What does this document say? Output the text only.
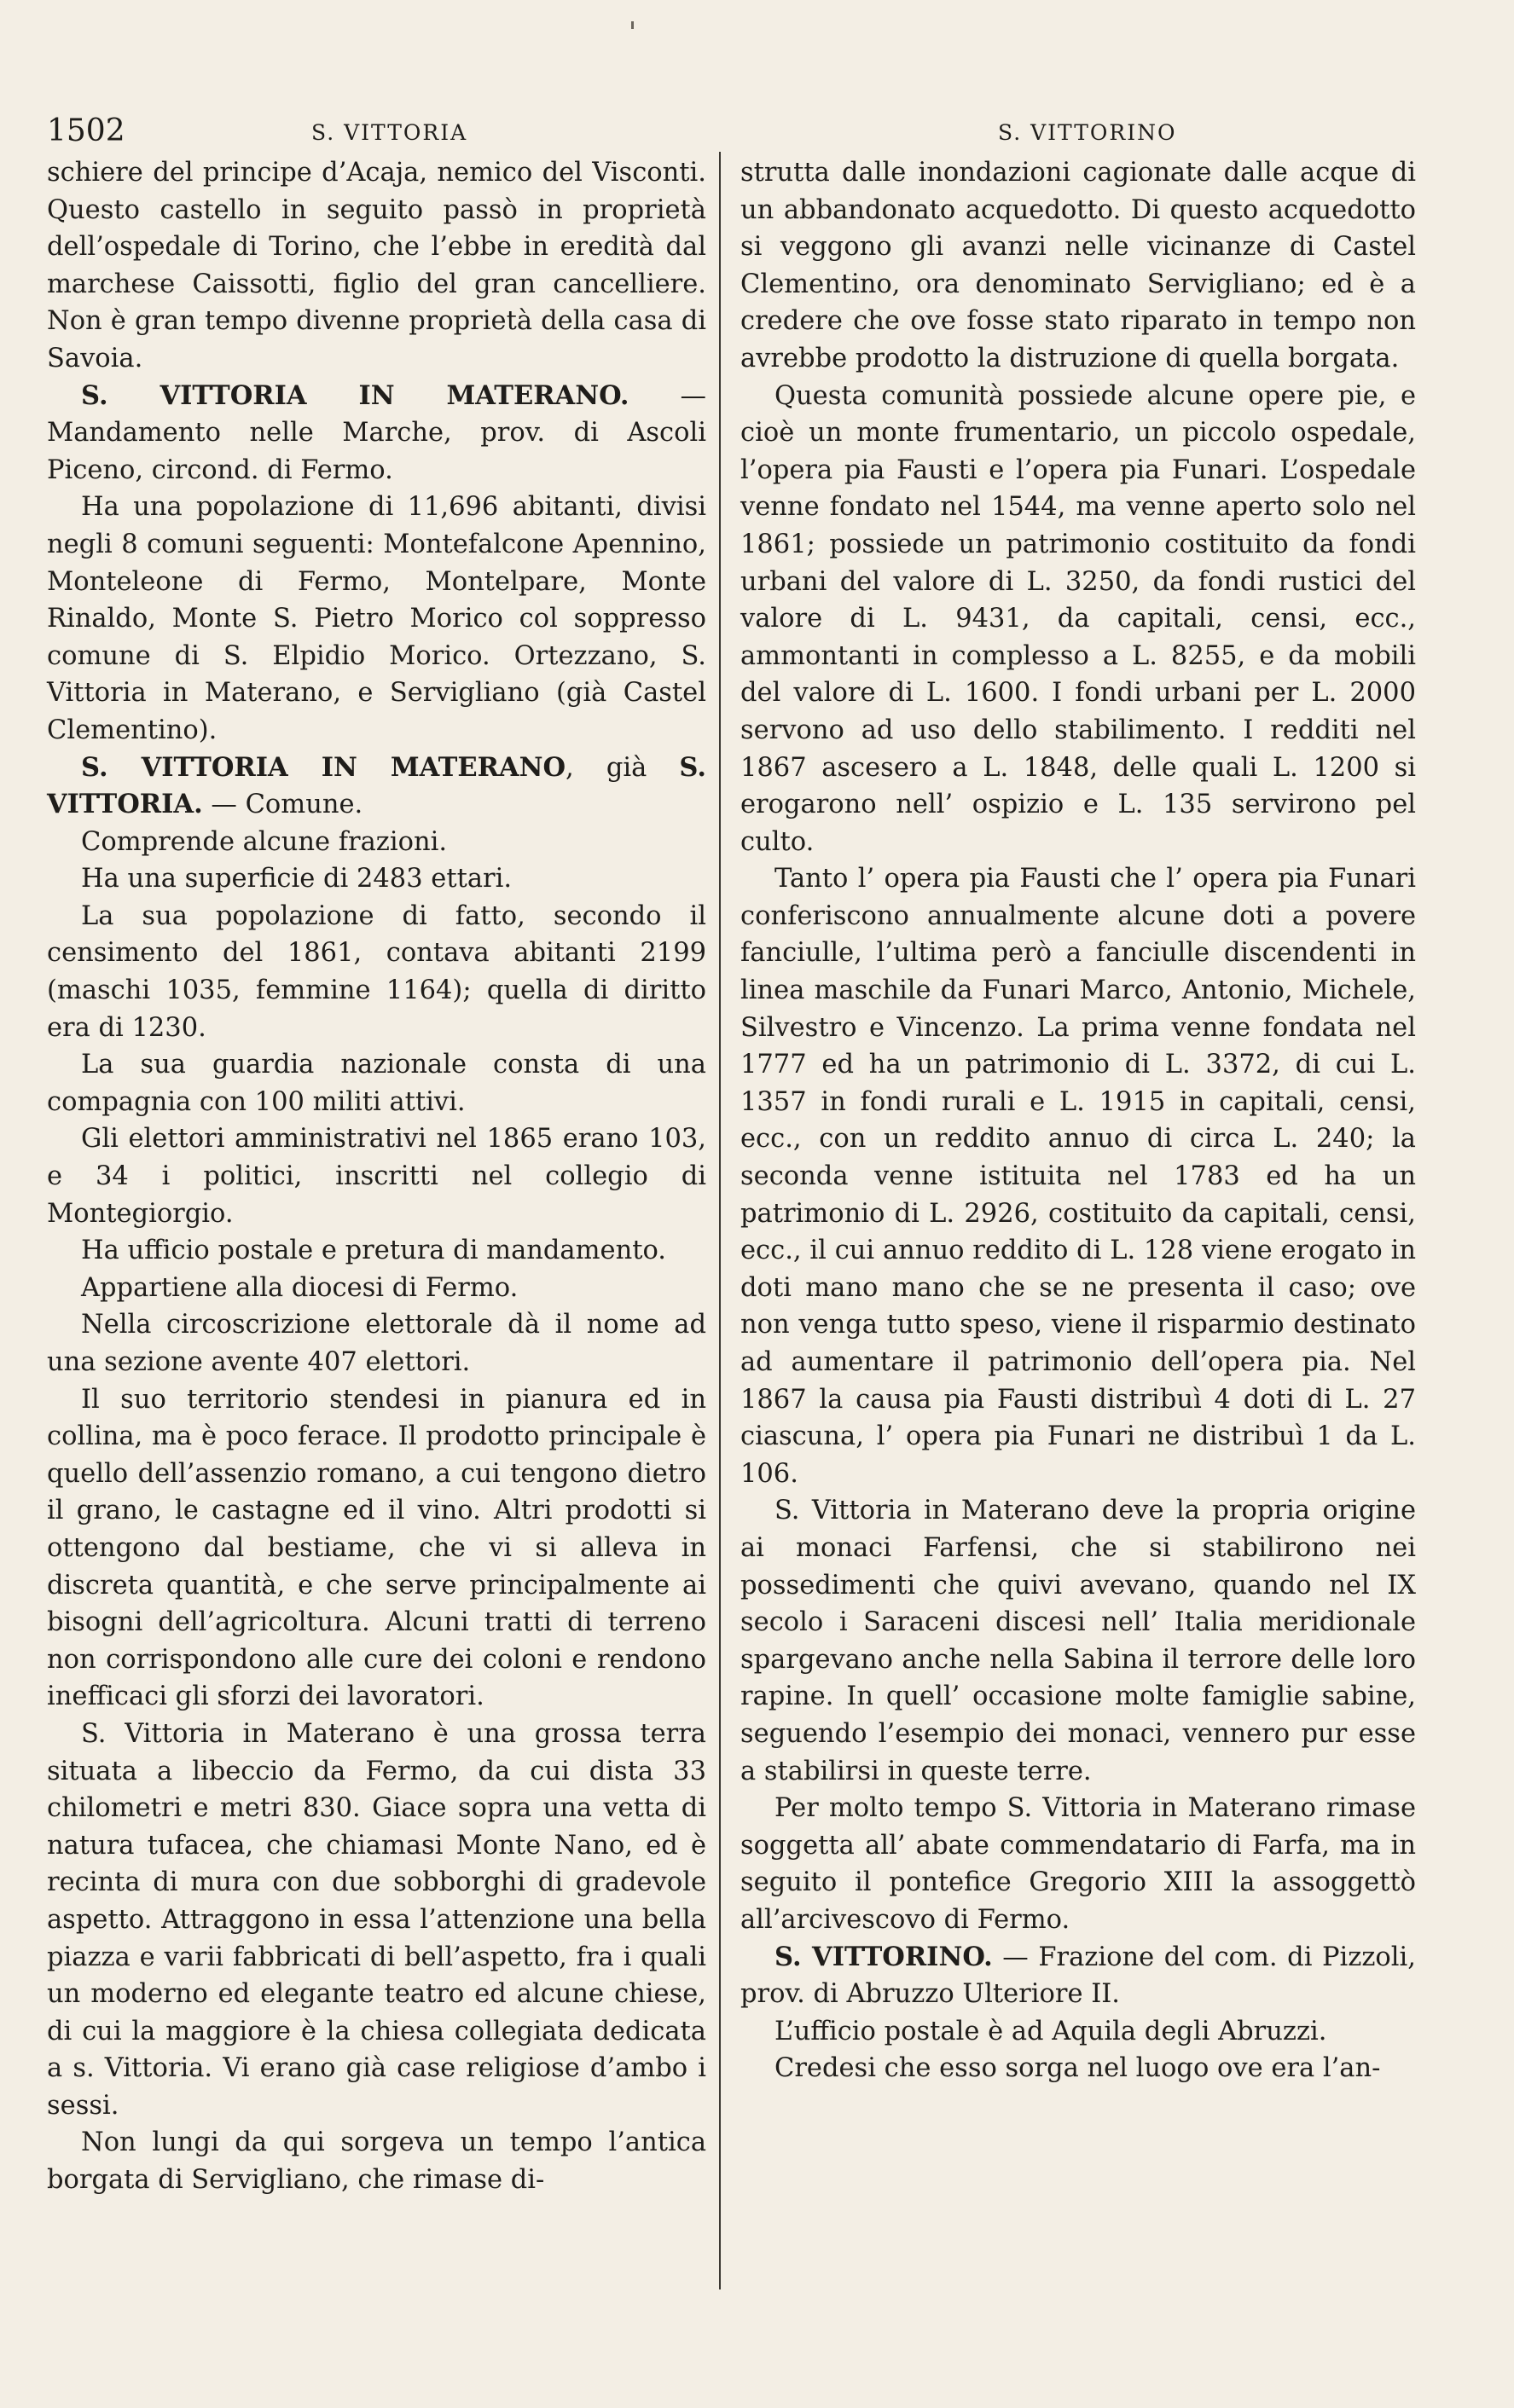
1502	S. VITTORIA	S. VITTORINO

schiere del principe d’Acaja, nemico del Visconti. Questo castello in seguito passò in proprietà dell’ospedale di Torino, che l’ebbe in eredità dal marchese Caissotti, figlio del gran cancelliere. Non è gran tempo divenne proprietà della casa di Savoia.

S. VITTORIA IN MATERANO. — Mandamento nelle Marche, prov. di Ascoli Piceno, circond. di Fermo.

Ha una popolazione di 11,696 abitanti, divisi negli 8 comuni seguenti: Montefalcone Apennino, Monteleone di Fermo, Montelpare, Monte Rinaldo, Monte S. Pietro Morico col soppresso comune di S. Elpidio Morico. Ortezzano, S. Vittoria in Materano, e Servigliano (già Castel Clementino).

S. VITTORIA IN MATERANO, già S. VITTORIA. — Comune.

Comprende alcune frazioni.

Ha una superficie di 2483 ettari.

La sua popolazione di fatto, secondo il censimento del 1861, contava abitanti 2199 (maschi 1035, femmine 1164); quella di diritto era di 1230.

La sua guardia nazionale consta di una compagnia con 100 militi attivi.

Gli elettori amministrativi nel 1865 erano 103, e 34 i politici, inscritti nel collegio di Montegiorgio.

Ha ufficio postale e pretura di mandamento.

Appartiene alla diocesi di Fermo.

Nella circoscrizione elettorale dà il nome ad una sezione avente 407 elettori.

Il suo territorio stendesi in pianura ed in collina, ma è poco ferace. Il prodotto principale è quello dell’assenzio romano, a cui tengono dietro il grano, le castagne ed il vino. Altri prodotti si ottengono dal bestiame, che vi si alleva in discreta quantità, e che serve principalmente ai bisogni dell’agricoltura. Alcuni tratti di terreno non corrispondono alle cure dei coloni e rendono inefficaci gli sforzi dei lavoratori.

S. Vittoria in Materano è una grossa terra situata a libeccio da Fermo, da cui dista 33 chilometri e metri 830. Giace sopra una vetta di natura tufacea, che chiamasi Monte Nano, ed è recinta di mura con due sobborghi di gradevole aspetto. Attraggono in essa l’attenzione una bella piazza e varii fabbricati di bell’aspetto, fra i quali un moderno ed elegante teatro ed alcune chiese, di cui la maggiore è la chiesa collegiata dedicata a s. Vittoria. Vi erano già case religiose d’ambo i sessi.

Non lungi da qui sorgeva un tempo l’antica borgata di Servigliano, che rimase di-

strutta dalle inondazioni cagionate dalle acque di un abbandonato acquedotto. Di questo acquedotto si veggono gli avanzi nelle vicinanze di Castel Clementino, ora denominato Servigliano; ed è a credere che ove fosse stato riparato in tempo non avrebbe prodotto la distruzione di quella borgata.

Questa comunità possiede alcune opere pie, e cioè un monte frumentario, un piccolo ospedale, l’opera pia Fausti e l’opera pia Funari. L’ospedale venne fondato nel 1544, ma venne aperto solo nel 1861; possiede un patrimonio costituito da fondi urbani del valore di L. 3250, da fondi rustici del valore di L. 9431, da capitali, censi, ecc., ammontanti in complesso a L. 8255, e da mobili del valore di L. 1600. I fondi urbani per L. 2000 servono ad uso dello stabilimento. I redditi nel 1867 ascesero a L. 1848, delle quali L. 1200 si erogarono nell’ ospizio e L. 135 servirono pel culto.

Tanto l’ opera pia Fausti che l’ opera pia Funari conferiscono annualmente alcune doti a povere fanciulle, l’ultima però a fanciulle discendenti in linea maschile da Funari Marco, Antonio, Michele, Silvestro e Vincenzo. La prima venne fondata nel 1777 ed ha un patrimonio di L. 3372, di cui L. 1357 in fondi rurali e L. 1915 in capitali, censi, ecc., con un reddito annuo di circa L. 240; la seconda venne istituita nel 1783 ed ha un patrimonio di L. 2926, costituito da capitali, censi, ecc., il cui annuo reddito di L. 128 viene erogato in doti mano mano che se ne presenta il caso; ove non venga tutto speso, viene il risparmio destinato ad aumentare il patrimonio dell’opera pia. Nel 1867 la causa pia Fausti distribuì 4 doti di L. 27 ciascuna, l’ opera pia Funari ne distribuì 1 da L. 106.

S. Vittoria in Materano deve la propria origine ai monaci Farfensi, che si stabilirono nei possedimenti che quivi avevano, quando nel IX secolo i Saraceni discesi nell’ Italia meridionale spargevano anche nella Sabina il terrore delle loro rapine. In quell’ occasione molte famiglie sabine, seguendo l’esempio dei monaci, vennero pur esse a stabilirsi in queste terre.

Per molto tempo S. Vittoria in Materano rimase soggetta all’ abate commendatario di Farfa, ma in seguito il pontefice Gregorio XIII la assoggettò all’arcivescovo di Fermo.

S. VITTORINO. — Frazione del com. di Pizzoli, prov. di Abruzzo Ulteriore II.

L’ufficio postale è ad Aquila degli Abruzzi.

Credesi che esso sorga nel luogo ove era l’an-
